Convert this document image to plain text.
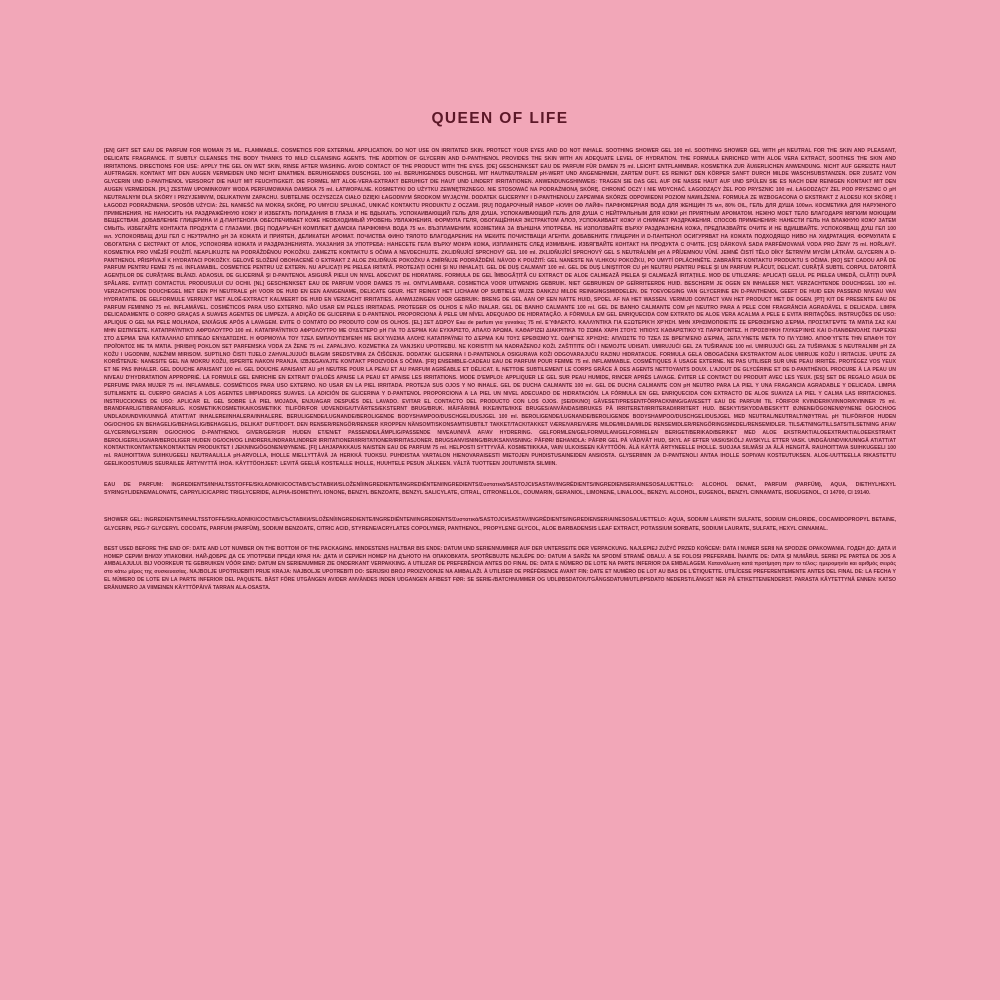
QUEEN OF LIFE

[EN] GIFT SET EAU DE PARFUM FOR WOMAN 75 ML. FLAMMABLE. COSMETICS FOR EXTERNAL APPLICATION. DO NOT USE ON IRRITATED SKIN. PROTECT YOUR EYES AND DO NOT INHALE. SOOTHING SHOWER GEL 100 ml. SOOTHING SHOWER GEL WITH pH NEUTRAL FOR THE SKIN AND PLEASANT, DELICATE FRAGRANCE. IT SUBTLY CLEANSES THE BODY THANKS TO MILD CLEANSING AGENTS. THE ADDITION OF GLYCERIN AND D-PANTHENOL PROVIDES THE SKIN WITH AN ADEQUATE LEVEL OF HYDRATION. THE FORMULA ENRICHED WITH ALOE VERA EXTRACT, SOOTHES THE SKIN AND IRRITATIONS. DIRECTIONS FOR USE: APPLY THE GEL ON WET SKIN, RINSE AFTER WASHING. AVOID CONTACT OF THE PRODUCT WITH THE EYES. [DE] GESCHENKSET EAU DE PARFUM FÜR DAMEN 75 ml. LEICHT ENTFLAMMBAR. KOSMETIKA ZUR ÄUßERLICHEN ANWENDUNG. NICHT AUF GEREIZTE HAUT AUFTRAGEN. KONTAKT MIT DEN AUGEN VERMEIDEN UND NICHT EINATMEN. BERUHIGENDES DUSCHGEL 100 ml. BERUHIGENDES DUSCHGEL MIT HAUTNEUTRALEM pH-WERT UND ANGENEHMEM, ZARTEM DUFT. ES REINIGT DEN KÖRPER SANFT DURCH MILDE WASCHSUBSTANZEN. DER ZUSATZ VON GLYCERIN UND D-PANTHENOL VERSORGT DIE HAUT MIT FEUCHTIGKEIT. DIE FORMEL MIT ALOE-VERA-EXTRAKT BERUHIGT DIE HAUT UND LINDERT IRRITATIONEN. ANWENDUNGSHINWEIS: TRAGEN SIE DAS GEL AUF DIE NASSE HAUT AUF UND SPÜLEN SIE ES NACH DEM REINIGEN KONTAKT MIT DEN AUGEN VERMEIDEN. [PL] ZESTAW UPOMINKOWY WODA PERFUMOWANA DAMSKA 75 ml. ŁATWOPALNE. KOSMETYKI DO UŻYTKU ZEWNĘTRZNEGO. NIE STOSOWAĆ NA PODRAŻNIONĄ SKÓRĘ. CHRONIĆ OCZY I NIE WDYCHAĆ. ŁAGODZĄCY ŻEL POD PRYSZNIC 100 ml. ŁAGODZĄCY ŻEL POD PRYSZNIC O pH NEUTRALNYM DLA SKÓRY I PRZYJEMNYM, DELIKATNYM ZAPACHU. SUBTELNIE OCZYSZCZA CIAŁO DZIĘKI ŁAGODNYM ŚRODKOM MYJĄCYM. DODATEK GLICERYNY I D-PANTHENOLU ZAPEWNIA SKÓRZE ODPOWIEDNI POZIOM NAWILŻENIA. FORMUŁA ZE WZBOGACONA O EKSTRAKT Z ALOESU KOI SKÓRĘ I ŁAGODZI PODRAŻNIENIA. SPOSÓB UŻYCIA: ŻEL NANIEŚĆ NA MOKRĄ SKÓRĘ, PO UMYCIU SPŁUKAĆ, UNIKAĆ KONTAKTU PRODUKTU Z OCZAMI. [RU] ПОДАРОЧНЫЙ НАБОР «КУИН ОФ ЛАЙФ» ПАРФЮМЕРНАЯ ВОДА ДЛЯ ЖЕНЩИН 75 мл, 80% OIL, ГЕЛЬ ДЛЯ ДУША 100мл. КОСМЕТИКА ДЛЯ НАРУЖНОГО ПРИМЕНЕНИЯ. НЕ НАНОСИТЬ НА РАЗДРАЖЁННУЮ КОЖУ И ИЗБЕГАТЬ ПОПАДАНИЯ В ГЛАЗА И НЕ ВДЫХАТЬ. УСПОКАИВАЮЩИЙ ГЕЛЬ ДЛЯ ДУША. УСПОКАИВАЮЩИЙ ГЕЛЬ ДЛЯ ДУША С НЕЙТРАЛЬНЫМ ДЛЯ КОЖИ pH ПРИЯТНЫМ АРОМАТОМ. НЕЖНО МОЕТ ТЕЛО БЛАГОДАРЯ МЯГКИМ МОЮЩИМ ВЕЩЕСТВАМ. ДОБАВЛЕНИЕ ГЛИЦЕРИНА И Д-ПАНТЕНОЛА ОБЕСПЕЧИВАЕТ КОЖЕ НЕОБХОДИМЫЙ УРОВЕНЬ УВЛАЖНЕНИЯ. ФОРМУЛА ГЕЛЯ, ОБОГАЩЁННАЯ ЭКСТРАКТОМ АЛОЭ, УСПОКАИВАЕТ КОЖУ И СНИМАЕТ РАЗДРАЖЕНИЯ. СПОСОБ ПРИМЕНЕНИЯ: НАНЕСТИ ГЕЛЬ НА ВЛАЖНУЮ КОЖУ ЗАТЕМ СМЫТЬ. ИЗБЕГАЙТЕ КОНТАКТА ПРОДУКТА С ГЛАЗАМИ. [BG] ПОДАРЪЧЕН КОМПЛЕКТ ДАМСКА ПАРФЮМНА ВОДА 75 мл. ВЪЗПЛАМЕНИМ. КОЗМЕТИКА ЗА ВЪНШНА УПОТРЕБА. НЕ ИЗПОЛЗВАЙТЕ ВЪРХУ РАЗДРАЗНЕНА КОЖА, ПРЕДПАЗВАЙТЕ ОЧИТЕ И НЕ ВДИШВАЙТЕ. УСПОКОЯВАЩ ДУШ ГЕЛ 100 мл. УСПОКОЯВАЩ ДУШ ГЕЛ С НЕУТРАЛНО pH ЗА КОЖАТА И ПРИЯТЕН, ДЕЛИКАТЕН АРОМАТ. ПОЧИСТВА ФИНО ТЯЛОТО БЛАГОДАРЕНИЕ НА МЕКИТЕ ПОЧИСТВАЩИ АГЕНТИ. ДОБАВЕНИТЕ ГЛИЦЕРИН И D-ПАНТЕНОЛ ОСИГУРЯВАТ НА КОЖАТА ПОДХОДЯЩО НИВО НА ХИДРАТАЦИЯ. ФОРМУЛАТА Е ОБОГАТЕНА С ЕКСТРАКТ ОТ АЛОЕ, УСПОКОЯВА КОЖАТА И РАЗДРАЗНЕНИЯТА. УКАЗАНИЯ ЗА УПОТРЕБА: НАНЕСЕТЕ ГЕЛА ВЪРХУ МОКРА КОЖА, ИЗПЛАКНЕТЕ СЛЕД ИЗМИВАНЕ. ИЗБЯГВАЙТЕ КОНТАКТ НА ПРОДУКТА С ОЧИТЕ. [CS] DÁRKOVÁ SADA PARFÉMOVANÁ VODA PRO ŽENY 75 ml. HOŘLAVÝ. KOSMETIKA PRO VNĚJŠÍ POUŽITÍ. NEAPLIKUJTE NA PODRÁŽDĚNOU POKOŽKU. ZAMEZTE KONTAKTU S OČIMA A NEVDECHUJTE. ZKLIDŇUJÍCÍ SPRCHOVÝ GEL 100 ml. ZKLIDŇUJÍCÍ SPRCHOVÝ GEL S NEUTRÁLNÍM pH A PŘÍJEMNOU VŮNÍ. JEMNĚ ČISTÍ TĚLO DÍKY ŠETRNÝM MYCÍM LÁTKÁM. GLYCERIN A D-PANTHENOL PŘISPÍVAJÍ K HYDRATACI POKOŽKY. GELOVÉ SLOŽENÍ OBOHACENÉ O EXTRAKT Z ALOE ZKLIDŇUJE POKOŽKU A ZMÍRŇUJE PODRÁŽDĚNÍ. NÁVOD K POUŽITÍ: GEL NANESTE NA VLHKOU POKOŽKU, PO UMYTÍ OPLÁCHNĚTE. ZABRAŇTE KONTAKTU PRODUKTU S OČIMA. [RO] SET CADOU APĂ DE PARFUM PENTRU FEMEI 75 ml. INFLAMABIL. COSMETICE PENTRU UZ EXTERN. NU APLICAȚI PE PIELEA IRITATĂ. PROTEJAȚI OCHII ȘI NU INHALAȚI. GEL DE DUȘ CALMANT 100 ml. GEL DE DUȘ LINIȘTITOR CU pH NEUTRU PENTRU PIELE ȘI UN PARFUM PLĂCUT, DELICAT. CURĂȚĂ SUBTIL CORPUL DATORITĂ AGENȚILOR DE CURĂȚARE BLÂNZI. ADAOSUL DE GLICERINĂ ȘI D-PANTENOL ASIGURĂ PIELII UN NIVEL ADECVAT DE HIDRATARE. FORMULA DE GEL ÎMBOGĂȚITĂ CU EXTRACT DE ALOE CALMEAZĂ PIELEA ȘI CALMEAZĂ IRITAȚIILE. MOD DE UTILIZARE: APLICAȚI GELUL PE PIELEA UMEDĂ, CLĂTIȚI DUPĂ SPĂLARE. EVITAȚI CONTACTUL PRODUSULUI CU OCHII. [NL] GESCHENKSET EAU DE PARFUM VOOR DAMES 75 ml. ONTVLAMBAAR. COSMETICA VOOR UITWENDIG GEBRUIK. NIET GEBRUIKEN OP GEÏRRITEERDE HUID. BESCHERM JE OGEN EN INHALEER NIET. VERZACHTENDE DOUCHEGEL 100 ml. VERZACHTENDE DOUCHEGEL MET EEN PH NEUTRALE pH VOOR DE HUID EN EEN AANGENAME, DELICATE GEUR. HET REINIGT HET LICHAAM OP SUBTIELE WIJZE DANKZIJ MILDE REINIGINGSMIDDELEN. DE TOEVOEGING VAN GLYCERINE EN D-PANTHENOL GEEFT DE HUID EEN PASSEND NIVEAU VAN HYDRATATIE. DE GELFORMULE VERRIJKT MET ALOË-EXTRACT KALMEERT DE HUID EN VERZACHT IRRITATIES. AANWIJZINGEN VOOR GEBRUIK: BRENG DE GEL AAN OP EEN NATTE HUID, SPOEL AF NA HET WASSEN. VERMIJD CONTACT VAN HET PRODUCT MET DE OGEN. [PT] KIT DE PRESENTE EAU DE PARFUM FEMININO 75 ml. INFLAMÁVEL. COSMÉTICOS PARA USO EXTERNO. NÃO USAR EM PELES IRRITADAS. PROTEGER OS OLHOS E NÃO INALAR. GEL DE BANHO CALMANTE 100 ml. GEL DE BANHO CALMANTE COM pH NEUTRO PARA A PELE COM FRAGRÂNCIA AGRADÁVEL E DELICADA. LIMPA DELICADAMENTE O CORPO GRAÇAS A SUAVES AGENTES DE LIMPEZA. A ADIÇÃO DE GLICERINA E D-PANTENOL PROPORCIONA À PELE UM NÍVEL ADEQUADO DE HIDRATAÇÃO. A FÓRMULA EM GEL ENRIQUECIDA COM EXTRATO DE ALOE VERA ACALMA A PELE E EVITA IRRITAÇÕES. INSTRUÇÕES DE USO: APLIQUE O GEL NA PELE MOLHADA, ENXÁGUE APÓS A LAVAGEM. EVITE O CONTATO DO PRODUTO COM OS OLHOS. [EL] ΣΕΤ ΔΏΡΟΥ Eau de parfum για γυναίκες 75 ml. ΕΎΦΛΕΚΤΟ. ΚΑΛΛΥΝΤΙΚΆ ΓΙΑ ΕΞΩΤΕΡΙΚΉ ΧΡΉΣΗ. ΜΗΝ ΧΡΗΣΙΜΟΠΟΙΕΊΤΕ ΣΕ ΕΡΕΘΙΣΜΈΝΟ ΔΈΡΜΑ. ΠΡΟΣΤΑΤΈΨΤΕ ΤΑ ΜΆΤΙΑ ΣΑΣ ΚΑΙ ΜΗΝ ΕΙΣΠΝΈΕΤΕ. ΚΑΤΑΠΡΑΫΝΤΙΚΌ ΑΦΡΌΛΟΥΤΡΟ 100 ml. ΚΑΤΑΠΡΑΫΝΤΙΚΌ ΑΦΡΌΛΟΥΤΡΟ ΜΕ ΟΥΔΈΤΕΡΟ pH ΓΙΑ ΤΟ ΔΈΡΜΑ ΚΑΙ ΕΥΧΆΡΙΣΤΟ, ΑΠΑΛΌ ΆΡΩΜΑ. ΚΑΘΑΡΊΖΕΙ ΔΙΑΚΡΙΤΙΚΆ ΤΟ ΣΏΜΑ ΧΆΡΗ ΣΤΟΥΣ ΉΠΙΟΥΣ ΚΑΘΑΡΙΣΤΙΚΟΎΣ ΠΑΡΆΓΟΝΤΕΣ. Η ΠΡΟΣΘΉΚΗ ΓΛΥΚΕΡΊΝΗΣ ΚΑΙ D-ΠΑΝΘΕΝΌΛΗΣ ΠΑΡΈΧΕΙ ΣΤΟ ΔΈΡΜΑ ΈΝΑ ΚΑΤΆΛΛΗΛΟ ΕΠΊΠΕΔΟ ΕΝΥΔΆΤΩΣΗΣ. Η ΦΌΡΜΟΥΛΑ ΤΟΥ ΤΖΕΛ ΕΜΠΛΟΥΤΙΣΜΈΝΗ ΜΕ ΕΚΧΎΛΙΣΜΑ ΑΛΌΗΣ ΚΑΤΑΠΡΑΫΝΕΙ ΤΟ ΔΈΡΜΑ ΚΑΙ ΤΟΥΣ ΕΡΕΘΙΣΜΟΎΣ. ΟΔΗΓΊΕΣ ΧΡΉΣΗΣ: ΑΠΛΏΣΤΕ ΤΟ ΤΖΕΛ ΣΕ ΒΡΕΓΜΈΝΟ ΔΈΡΜΑ, ΞΕΠΛΎΝΕΤΕ ΜΕΤΆ ΤΟ ΠΛΎΣΙΜΟ. ΑΠΟΦΎΓΕΤΕ ΤΗΝ ΕΠΑΦΉ ΤΟΥ ΠΡΟΪΌΝΤΟΣ ΜΕ ΤΑ ΜΆΤΙΑ. [HR/BiH] POKLON SET PARFEMSKA VODA ZA ŽENE 75 ml. ZAPALJIVO. KOZMETIKA ZA VANJSKU UPOTREBU. NE KORISTITI NA NADRAŽENOJ KOŽI. ZAŠTITITE OČI I NEMOJTE UDISATI. UMIRUJUĆI GEL ZA TUŠIRANJE 100 ml. UMIRUJUĆI GEL ZA TUŠIRANJE S NEUTRALNIM pH ZA KOŽU I UGODNIM, NJEŽNIM MIRISOM. SUPTILNO ČISTI TIJELO ZAHVALJUJUĆI BLAGIM SREDSTVIMA ZA ČIŠĆENJE. DODATAK GLICERINA I D-PANTENOLA OSIGURAVA KOŽI ODGOVARAJUĆU RAZINU HIDRATACIJE. FORMULA GELA OBOGAĆENA EKSTRAKTOM ALOE UMIRUJE KOŽU I IRITACIJE. UPUTE ZA KORIŠTENJE: NANESITE GEL NA MOKRU KOŽU, ISPERITE NAKON PRANJA. IZBJEGAVAJTE KONTAKT PROIZVODA S OČIMA. [FR] ENSEMBLE-CADEAU EAU DE PARFUM POUR FEMME 75 ml. INFLAMMABLE. COSMÉTIQUES À USAGE EXTERNE. NE PAS UTILISER SUR UNE PEAU IRRITÉE. PROTÉGEZ VOS YEUX ET NE PAS INHALER. GEL DOUCHE APAISANT 100 ml. GEL DOUCHE APAISANT AU pH NEUTRE POUR LA PEAU ET AU PARFUM AGRÉABLE ET DÉLICAT. IL NETTOIE SUBTILEMENT LE CORPS GRÂCE À DES AGENTS NETTOYANTS DOUX. L'AJOUT DE GLYCÉRINE ET DE D-PANTHÉNOL PROCURE À LA PEAU UN NIVEAU D'HYDRATATION APPROPRIÉ. LA FORMULE GEL ENRICHIE EN EXTRAIT D'ALOÈS APAISE LA PEAU ET APAISE LES IRRITATIONS. MODE D'EMPLOI: APPLIQUER LE GEL SUR PEAU HUMIDE, RINCER APRÈS LAVAGE. ÉVITER LE CONTACT DU PRODUIT AVEC LES YEUX. [ES] SET DE REGALO AGUA DE PERFUME PARA MUJER 75 ml. INFLAMABLE. COSMÉTICOS PARA USO EXTERNO. NO USAR EN LA PIEL IRRITADA. PROTEJA SUS OJOS Y NO INHALE. GEL DE DUCHA CALMANTE 100 ml. GEL DE DUCHA CALMANTE CON pH NEUTRO PARA LA PIEL Y UNA FRAGANCIA AGRADABLE Y DELICADA. LIMPIA SUTILMENTE EL CUERPO GRACIAS A LOS AGENTES LIMPIADORES SUAVES. LA ADICIÓN DE GLICERINA Y D-PANTENOL PROPORCIONA A LA PIEL UN NIVEL ADECUADO DE HIDRATACIÓN. LA FÓRMULA EN GEL ENRIQUECIDA CON EXTRACTO DE ALOE SUAVIZA LA PIEL Y CALMA LAS IRRITACIONES. INSTRUCCIONES DE USO: APLICAR EL GEL SOBRE LA PIEL MOJADA, ENJUAGAR DESPUÉS DEL LAVADO. EVITAR EL CONTACTO DEL PRODUCTO CON LOS OJOS. [SE/DK/NO] GÅVESET/PRESENTFÖRPACKNING/GAVESETT EAU DE PARFUM TIL FÖR/FOR KVINDER/KVINNOR/KVINNER 75 ml. BRANDFARLIGT/BRANDFARLIG. KOSMETIK/KOSMETIKA/KOSMETIKK TIL/FÖR/FOR UDVENDIG/UTVÄRTES/EKSTERNT BRUG/BRUK. MÅ/FÅR/IMÅ IKKE/INTE/IKKE BRUGES/ANVÄNDAS/BRUKES PÅ IRRITERET/IRRITERAD/IRRITERT HUD. BESKYT/SKYDDA/BESKYTT ØJNENE/ÖGONEN/ØYNENE OG/OCH/OG UNDLAD/UNDVIK/UNNGÅ AT/ATT/AT INHALERE/INHALERA/INHALERE. BERULIGENDE/LUGNANDE/BEROLIGENDE BODYSHAMPOO/DUSCHGEL/DUSJGEL 100 ml. BEROLIGENDE/LUGNANDE/BEROLIGENDE BODYSHAMPOO/DUSCHGEL/DUSJGEL MED NEUTRAL/NEUTRALT/NØYTRAL pH TIL/FÖR/FOR HUDEN OG/OCH/OG EN BEHAGELIG/BEHAGLIG/BEHAGELIG, DELIKAT DUFT/DOFT. DEN RENSER/RENGÖR/RENSER KROPPEN NÄNSOMT/SKONSAMT/SUBTILT TAKKET/TACK/TAKKET VÆRE/VARE/VÆRE MILDE/MILDA/MILDE RENSEMIDLER/RENGÖRINGSMEDEL/RENSEMIDLER. TILSÆTNING/TILLSATS/TILSETNING AF/AV GLYCERIN/GLYSERIN OG/OCH/OG D-PANTHENOL GIVER/GER/GIR HUDEN ET/EN/ET PASSENDE/LÄMPLIG/PASSENDE NIVEAU/NIVÅ AF/AV HYDRERING. GELFORMLEN/GELFORMULAN/GELFORMELEN BERIGET/BERIKAD/BERIKET MED ALOE EKSTRAKT/ALOEEXTRAKT/ALOEEKSTRAKT BEROLIGER/LUGNAR/BEROLIGER HUDEN OG/OCH/OG LINDRER/LINDRAR/LINDRER IRRITATIONER/IRRITATIONER/IRRITASJONER. BRUGSANVISNING/BRUKSANVISNING: PÅFØR/ BEHANDLA: PÅFØR GEL PÅ VÅD/VÅT HUD, SKYL AF EFTER VASK/SKÖLJ AV/SKYLL ETTER VASK. UNDGÅ/UNDVIK/UNNGÅ AT/ATT/AT KONTAKT/KONTAKTEN/KONTAKTEN PRODUKTET I JEKNING/ÖGONEN/ØYNENE. [FI] LAHJAPAKKAUS NAISTEN EAU DE PARFUM 75 ml. HELPOSTI SYTTYVÄÄ. KOSMETIIKKAA, VAIN ULKOISEEN KÄYTTÖÖN. ÄLÄ KÄYTÄ ÄRTYNEELLE IHOLLE. SUOJAA SILMÄSI JA ÄLÄ HENGITÄ. RAUHOITTAVA SUIHKUGEELI 100 ml. RAUHOITTAVA SUIHKUGEELI NEUTRAALILLA pH-ARVOLLA, IHOLLE MIELLYTTÄVÄ JA HERKKÄ TUOKSU. PUHDISTAA VARTALON HIENOVARAISESTI MIETOJEN PUHDISTUSAINEIDEN ANSIOSTA. GLYSERIININ JA D-PANTENOLI ANTAA IHOLLE SOPIVAN KOSTEUTUKSEN. ALOE-UUTTEELLA RIKASTETTU GEELIKOOSTUMUS SEURAILEE ÄRTYNYTTÄ IHOA. KÄYTTÖOHJEET: LEVITÄ GEELIÄ KOSTEALLE IHOLLE, HUUHTELE PESUN JÄLKEEN. VÄLTÄ TUOTTEEN JOUTUMISTA SILMIIN.

EAU DE PARFUM: INGREDIENTS/INHALTSSTOFFE/SKŁADNIKI/СОСТАВ/СЪСТАВКИ/SLOŽENÍ/INGREDIENTE/INGREDIËNTEN/INGREDIENTS/Συστατικά/SASTOJCI/SASTAV/INGRÉDIENTS/INGREDIENSER/AINESOSALUETTELO: ALCOHOL DENAT., PARFUM (PARFÜM), AQUA, DIETHYLHEXYL SYRINGYLIDENEMALONATE, CAPRYLIC/CAPRIC TRIGLYCERIDE, ALPHA-ISOMETHYL IONONE, BENZYL BENZOATE, BENZYL SALICYLATE, CITRAL, CITRONELLOL, COUMARIN, GERANIOL, LIMONENE, LINALOOL, BENZYL ALCOHOL, EUGENOL, BENZYL CINNAMATE, ISOEUGENOL, CI 14700, CI 19140.
SHOWER GEL: INGREDIENTS/INHALTSSTOFFE/SKŁADNIKI/СОСТАВ/СЪСТАВКИ/SLOŽENÍ/INGREDIENTE/INGREDIËNTEN/INGREDIENTS/Συστατικά/SASTOJCI/SASTAV/INGRÉDIENTS/INGREDIENSER/AINESOSALUETTELO: AQUA, SODIUM LAURETH SULFATE, SODIUM CHLORIDE, COCAMIDOPROPYL BETAINE, GLYCERIN, PEG-7 GLYCERYL COCOATE, PARFUM (PARFÜM), SODIUM BENZOATE, CITRIC ACID, STYRENE/ACRYLATES COPOLYMER, PANTHENOL, PROPYLENE GLYCOL, ALOE BARBADENSIS LEAF EXTRACT, POTASSIUM SORBATE, SODIUM LAURATE, SULFATE, HEXYL CINNAMAL.

BEST USED BEFORE THE END OF: DATE AND LOT NUMBER ON THE BOTTOM OF THE PACKAGING. MINDESTENS HALTBAR BIS ENDE: DATUM UND SERIENNUMMER AUF DER UNTERSEITE DER VERPACKUNG. NAJLEPIEJ ZUŻYĆ PRZED KOŃCEM: DATA I NUMER SERII NA SPODZIE OPAKOWANIA. ГОДЕН ДО: ДАТА И НОМЕР СЕРИИ ВНИЗУ УПАКОВКИ. НАЙ-ДОБРЕ ДА СЕ УПОТРЕБИ ПРЕДИ КРАЯ НА: ДАТА И СЕРИЕН НОМЕР НА ДЪНОТО НА ОПАКОВКАТА. SPOTŘEBUJTE NEJLÉPE DO: DATUM A SARŽE NA SPODNÍ STRANĚ OBALU. A SE FOLOSI PREFERABIL ÎNAINTE DE: DATA ȘI NUMĂRUL SERIEI PE PARTEA DE JOS A AMBALAJULUI. BIJ VOORKEUR TE GEBRUIKEN VÓÓR EIND: DATUM EN SERIENUMMER ZIE ONDERKANT VERPAKKING. A UTILIZAR DE PREFERÊNCIA ANTES DO FINAL DE: DATA E NÚMERO DE LOTE NA PARTE INFERIOR DA EMBALAGEM. Κατανάλωση κατά προτίμηση πριν το τέλος: ημερομηνία και αριθμός σειράς στο κάτω μέρος της συσκευασίας. NAJBOLJE UPOTRIJEBITI PRIJE KRAJA: NAJBOLJE UPOTREBITI DO: SERIJSKI BROJ PROIZVODNJE NA AMBALAŽI. À UTILISER DE PRÉFÉRENCE AVANT FIN: DATE ET NUMÉRO DE LOT AU BAS DE L'ÉTIQUETTE. UTILÍCESE PREFERENTEMENTE ANTES DEL FINAL DE: LA FECHA Y EL NÚMERO DE LOTE EN LA PARTE INFERIOR DEL PAQUETE. BÄST FÖRE UTGÅNGEN AV/DER ANVÄNDES INDEN UDGANGEN AF/BEST FØR: SE SERIE-/BATCHNUMMER OG UDLØBSDATO/UTGÅNGSDATUM/UTLØPSDATO NEDERST/LÄNGST NER PÅ ETIKETTEN/ENDERST. PARASTA KÄYTETTYNÄ ENNEN: KATSO ERÄNUMERO JA VIIMEINEN KÄYTTÖPÄIVÄ TARRAN ALA-OSASTA.
